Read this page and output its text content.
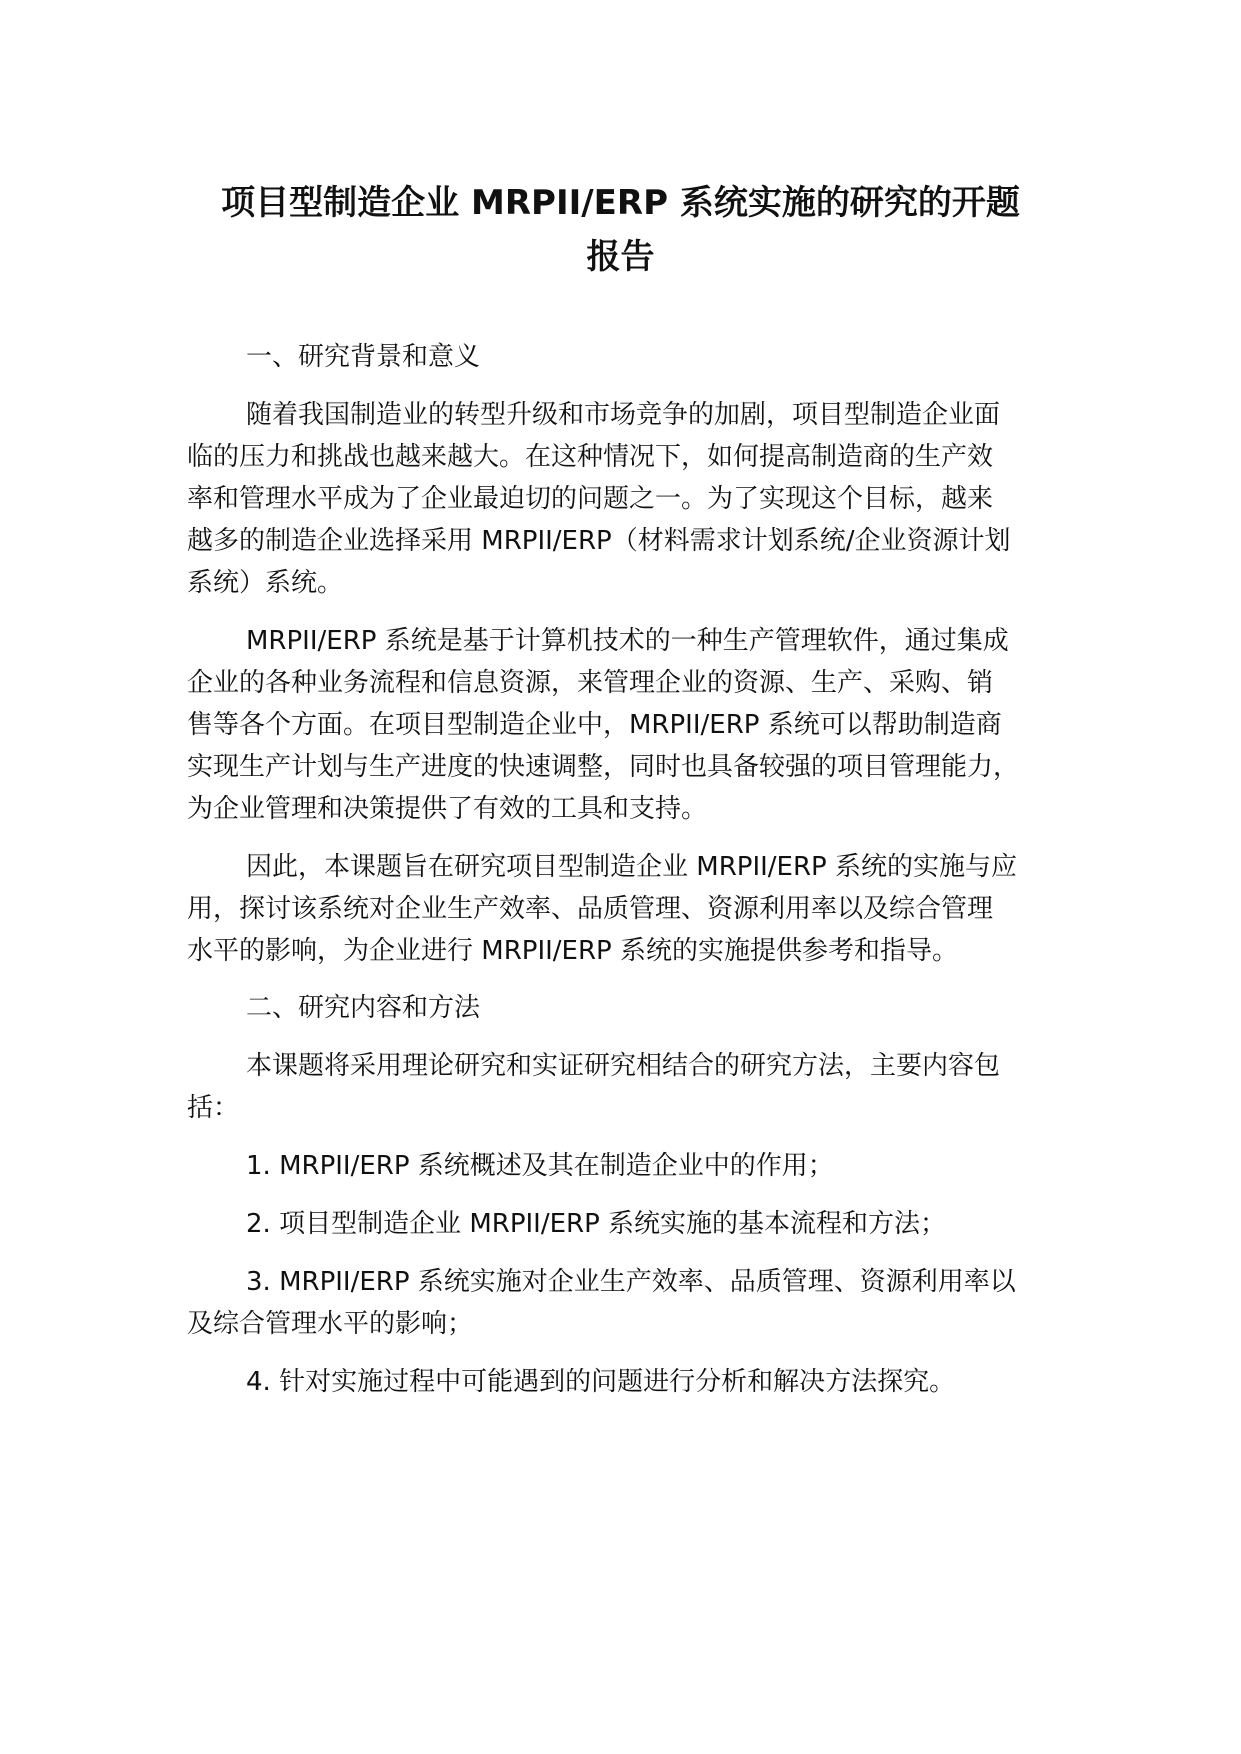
项目型制造企业 MRPII/ERP 系统实施的研究的开题
报告

一、研究背景和意义

随着我国制造业的转型升级和市场竞争的加剧，项目型制造企业面

临的压力和挑战也越来越大。在这种情况下，如何提高制造商的生产效

率和管理水平成为了企业最迫切的问题之一。为了实现这个目标，越来

越多的制造企业选择采用 MRPII/ERP（材料需求计划系统/企业资源计划

系统）系统。

MRPII/ERP 系统是基于计算机技术的一种生产管理软件，通过集成

企业的各种业务流程和信息资源，来管理企业的资源、生产、采购、销

售等各个方面。在项目型制造企业中，MRPII/ERP 系统可以帮助制造商

实现生产计划与生产进度的快速调整，同时也具备较强的项目管理能力，

为企业管理和决策提供了有效的工具和支持。

因此，本课题旨在研究项目型制造企业 MRPII/ERP 系统的实施与应

用，探讨该系统对企业生产效率、品质管理、资源利用率以及综合管理

水平的影响，为企业进行 MRPII/ERP 系统的实施提供参考和指导。

二、研究内容和方法

本课题将采用理论研究和实证研究相结合的研究方法，主要内容包

括：

1. MRPII/ERP 系统概述及其在制造企业中的作用；

2. 项目型制造企业 MRPII/ERP 系统实施的基本流程和方法；

3. MRPII/ERP 系统实施对企业生产效率、品质管理、资源利用率以

及综合管理水平的影响；

4. 针对实施过程中可能遇到的问题进行分析和解决方法探究。
